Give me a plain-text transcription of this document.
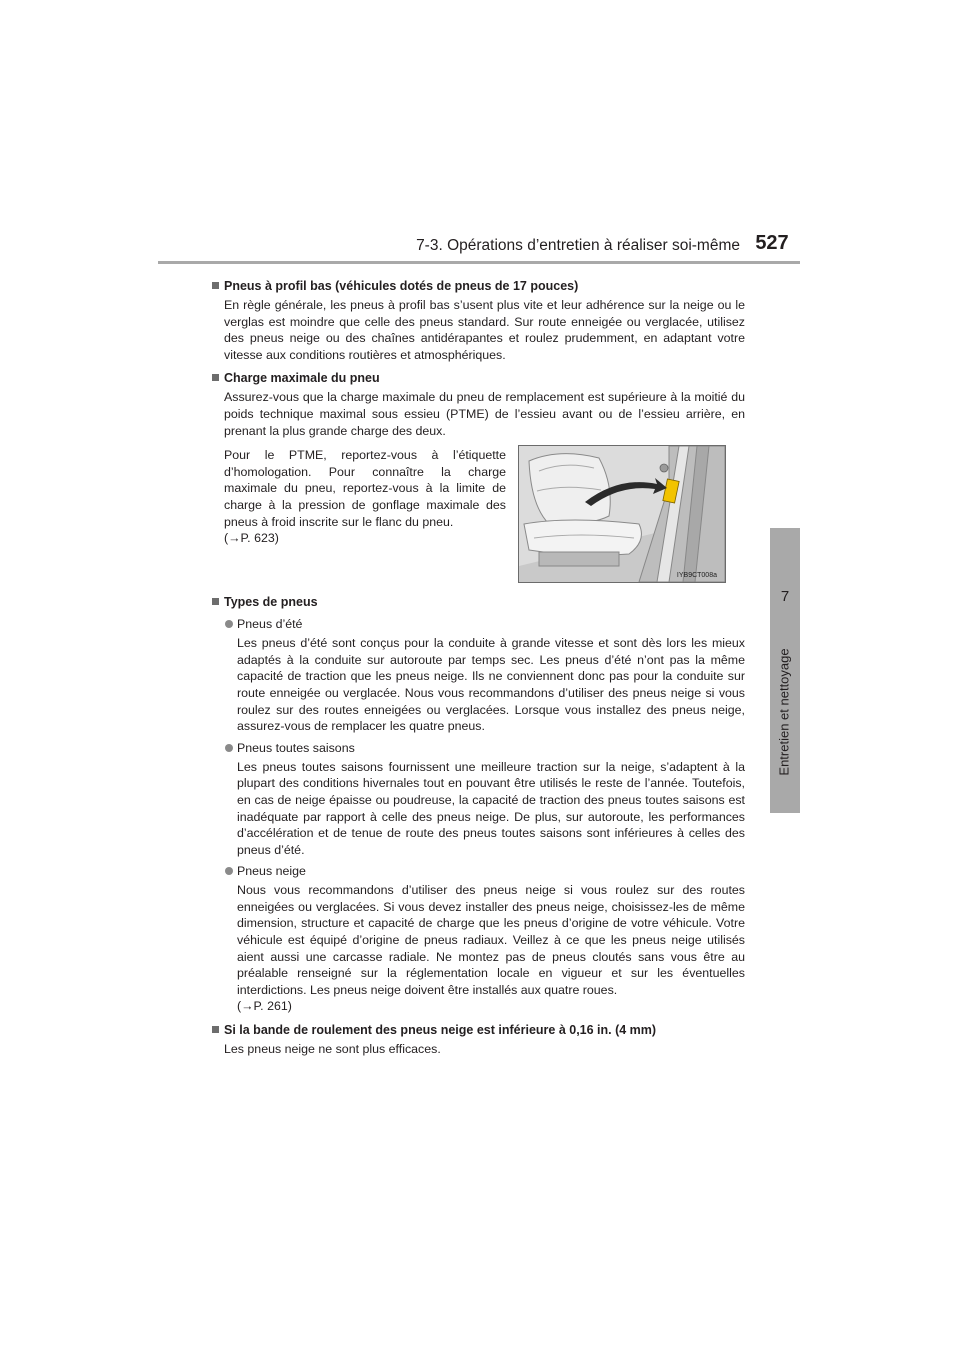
7-3. Opérations d’entretien à réaliser soi-même 527
7
Entretien et nettoyage
Pneus à profil bas (véhicules dotés de pneus de 17 pouces)
En règle générale, les pneus à profil bas s’usent plus vite et leur adhérence sur la neige ou le verglas est moindre que celle des pneus standard. Sur route enneigée ou verglacée, utilisez des pneus neige ou des chaînes antidérapantes et roulez prudemment, en adaptant votre vitesse aux conditions routières et atmosphériques.
Charge maximale du pneu
Assurez-vous que la charge maximale du pneu de remplacement est supérieure à la moitié du poids technique maximal sous essieu (PTME) de l’essieu avant ou de l’essieu arrière, en prenant la plus grande charge des deux.
Pour le PTME, reportez-vous à l’étiquette d’homologation. Pour connaître la charge maximale du pneu, reportez-vous à la limite de charge à la pression de gonflage maximale des pneus à froid inscrite sur le flanc du pneu.
(→P. 623)
IYB9CT008a
Types de pneus
Pneus d’été
Les pneus d’été sont conçus pour la conduite à grande vitesse et sont dès lors les mieux adaptés à la conduite sur autoroute par temps sec. Les pneus d’été n’ont pas la même capacité de traction que les pneus neige. Ils ne conviennent donc pas pour la conduite sur route enneigée ou verglacée. Nous vous recommandons d’utiliser des pneus neige si vous roulez sur des routes enneigées ou verglacées. Lorsque vous installez des pneus neige, assurez-vous de remplacer les quatre pneus.
Pneus toutes saisons
Les pneus toutes saisons fournissent une meilleure traction sur la neige, s’adaptent à la plupart des conditions hivernales tout en pouvant être utilisés le reste de l’année. Toutefois, en cas de neige épaisse ou poudreuse, la capacité de traction des pneus toutes saisons est inadéquate par rapport à celle des pneus neige. De plus, sur autoroute, les performances d’accélération et de tenue de route des pneus toutes saisons sont inférieures à celles des pneus d’été.
Pneus neige
Nous vous recommandons d’utiliser des pneus neige si vous roulez sur des routes enneigées ou verglacées. Si vous devez installer des pneus neige, choisissez-les de même dimension, structure et capacité de charge que les pneus d’origine de votre véhicule. Votre véhicule est équipé d’origine de pneus radiaux. Veillez à ce que les pneus neige utilisés aient aussi une carcasse radiale. Ne montez pas de pneus cloutés sans vous être au préalable renseigné sur la réglementation locale en vigueur et sur les éventuelles interdictions. Les pneus neige doivent être installés aux quatre roues.
(→P. 261)
Si la bande de roulement des pneus neige est inférieure à 0,16 in. (4 mm)
Les pneus neige ne sont plus efficaces.
